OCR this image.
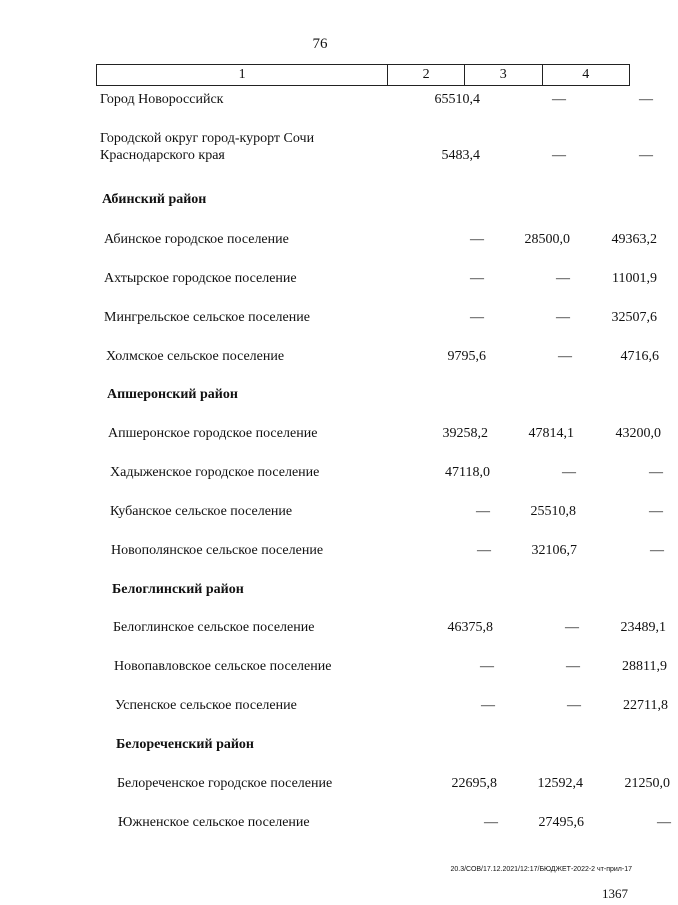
76
1	2	3	4
Город Новороссийск	65510,4	—	—
Городской округ город-курорт Сочи Краснодарского края	5483,4	—	—
Абинский район
Абинское городское поселение	—	28500,0	49363,2
Ахтырское городское поселение	—	—	11001,9
Мингрельское сельское поселение	—	—	32507,6
Холмское сельское поселение	9795,6	—	4716,6
Апшеронский район
Апшеронское городское поселение	39258,2	47814,1	43200,0
Хадыженское городское поселение	47118,0	—	—
Кубанское сельское поселение	—	25510,8	—
Новополянское сельское поселение	—	32106,7	—
Белоглинский район
Белоглинское сельское поселение	46375,8	—	23489,1
Новопавловское сельское поселение	—	—	28811,9
Успенское сельское поселение	—	—	22711,8
Белореченский район
Белореченское городское поселение	22695,8	12592,4	21250,0
Южненское сельское поселение	—	27495,6	—
20.3/СОВ/17.12.2021/12:17/БЮДЖЕТ-2022-2 чт-прил-17
1367
